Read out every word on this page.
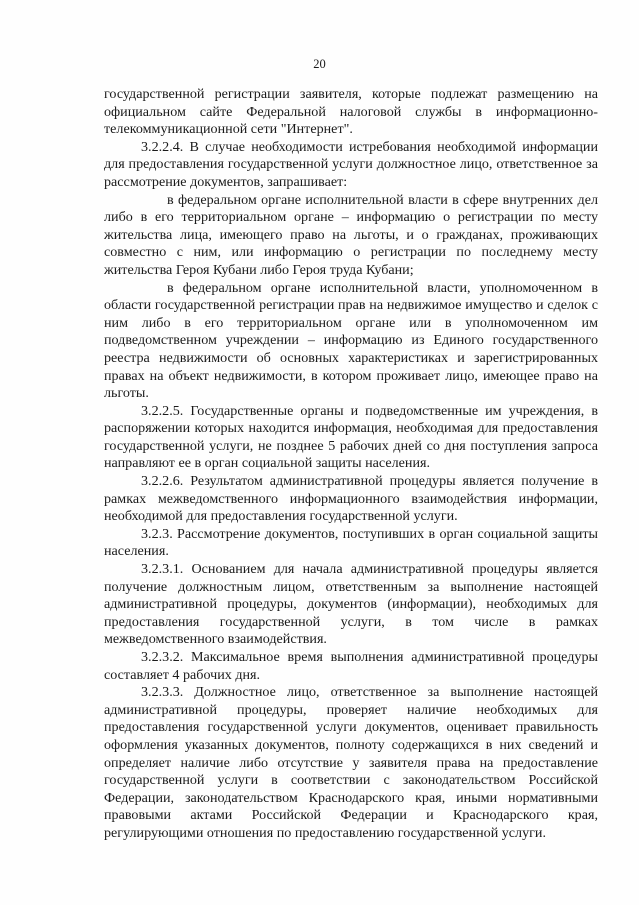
20

государственной регистрации заявителя, которые подлежат размещению на официальном сайте Федеральной налоговой службы в информационно-телекоммуникационной сети "Интернет".

3.2.2.4. В случае необходимости истребования необходимой информации для предоставления государственной услуги должностное лицо, ответственное за рассмотрение документов, запрашивает:

в федеральном органе исполнительной власти в сфере внутренних дел либо в его территориальном органе – информацию о регистрации по месту жительства лица, имеющего право на льготы, и о гражданах, проживающих совместно с ним, или информацию о регистрации по последнему месту жительства Героя Кубани либо Героя труда Кубани;

в федеральном органе исполнительной власти, уполномоченном в области государственной регистрации прав на недвижимое имущество и сделок с ним либо в его территориальном органе или в уполномоченном им подведомственном учреждении – информацию из Единого государственного реестра недвижимости об основных характеристиках и зарегистрированных правах на объект недвижимости, в котором проживает лицо, имеющее право на льготы.

3.2.2.5. Государственные органы и подведомственные им учреждения, в распоряжении которых находится информация, необходимая для предоставления государственной услуги, не позднее 5 рабочих дней со дня поступления запроса направляют ее в орган социальной защиты населения.

3.2.2.6. Результатом административной процедуры является получение в рамках межведомственного информационного взаимодействия информации, необходимой для предоставления государственной услуги.

3.2.3. Рассмотрение документов, поступивших в орган социальной защиты населения.

3.2.3.1. Основанием для начала административной процедуры является получение должностным лицом, ответственным за выполнение настоящей административной процедуры, документов (информации), необходимых для предоставления государственной услуги, в том числе в рамках межведомственного взаимодействия.

3.2.3.2. Максимальное время выполнения административной процедуры составляет 4 рабочих дня.

3.2.3.3. Должностное лицо, ответственное за выполнение настоящей административной процедуры, проверяет наличие необходимых для предоставления государственной услуги документов, оценивает правильность оформления указанных документов, полноту содержащихся в них сведений и определяет наличие либо отсутствие у заявителя права на предоставление государственной услуги в соответствии с законодательством Российской Федерации, законодательством Краснодарского края, иными нормативными правовыми актами Российской Федерации и Краснодарского края, регулирующими отношения по предоставлению государственной услуги.
